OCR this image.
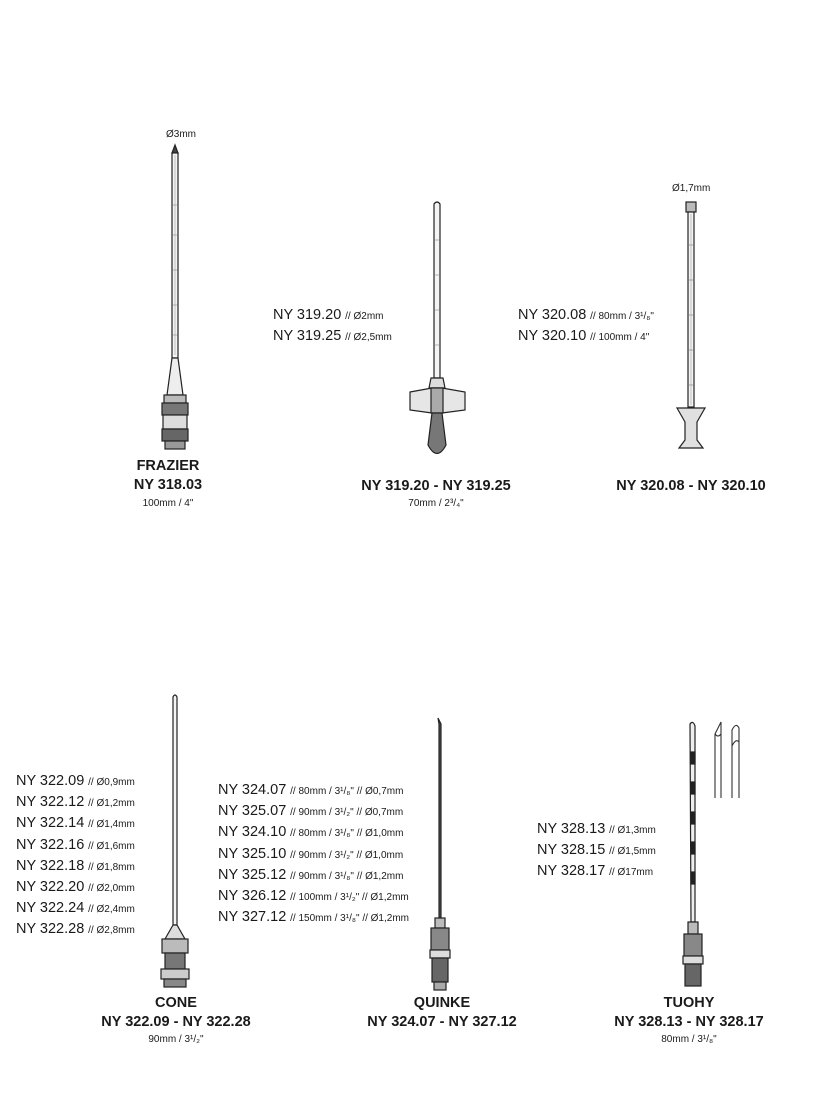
Ø3mm
FRAZIER
NY 318.03
100mm / 4"
NY 319.20 // Ø2mm
NY 319.25 // Ø2,5mm
NY 319.20 - NY 319.25
70mm / 2³/₄"
Ø1,7mm
NY 320.08 // 80mm / 3¹/₈"
NY 320.10 // 100mm / 4"
NY 320.08 - NY 320.10
NY 322.09 // Ø0,9mm
NY 322.12 // Ø1,2mm
NY 322.14 // Ø1,4mm
NY 322.16 // Ø1,6mm
NY 322.18 // Ø1,8mm
NY 322.20 // Ø2,0mm
NY 322.24 // Ø2,4mm
NY 322.28 // Ø2,8mm
CONE
NY 322.09 - NY 322.28
90mm / 3¹/₂"
NY 324.07 // 80mm / 3¹/₈" // Ø0,7mm
NY 325.07 // 90mm / 3¹/₂" // Ø0,7mm
NY 324.10 // 80mm / 3¹/₈" // Ø1,0mm
NY 325.10 // 90mm / 3¹/₂" // Ø1,0mm
NY 325.12 // 90mm / 3¹/₈" // Ø1,2mm
NY 326.12 // 100mm / 3¹/₂" // Ø1,2mm
NY 327.12 // 150mm / 3¹/₈" // Ø1,2mm
QUINKE
NY 324.07 - NY 327.12
NY 328.13 // Ø1,3mm
NY 328.15 // Ø1,5mm
NY 328.17 // Ø17mm
TUOHY
NY 328.13 - NY 328.17
80mm / 3¹/₈"
